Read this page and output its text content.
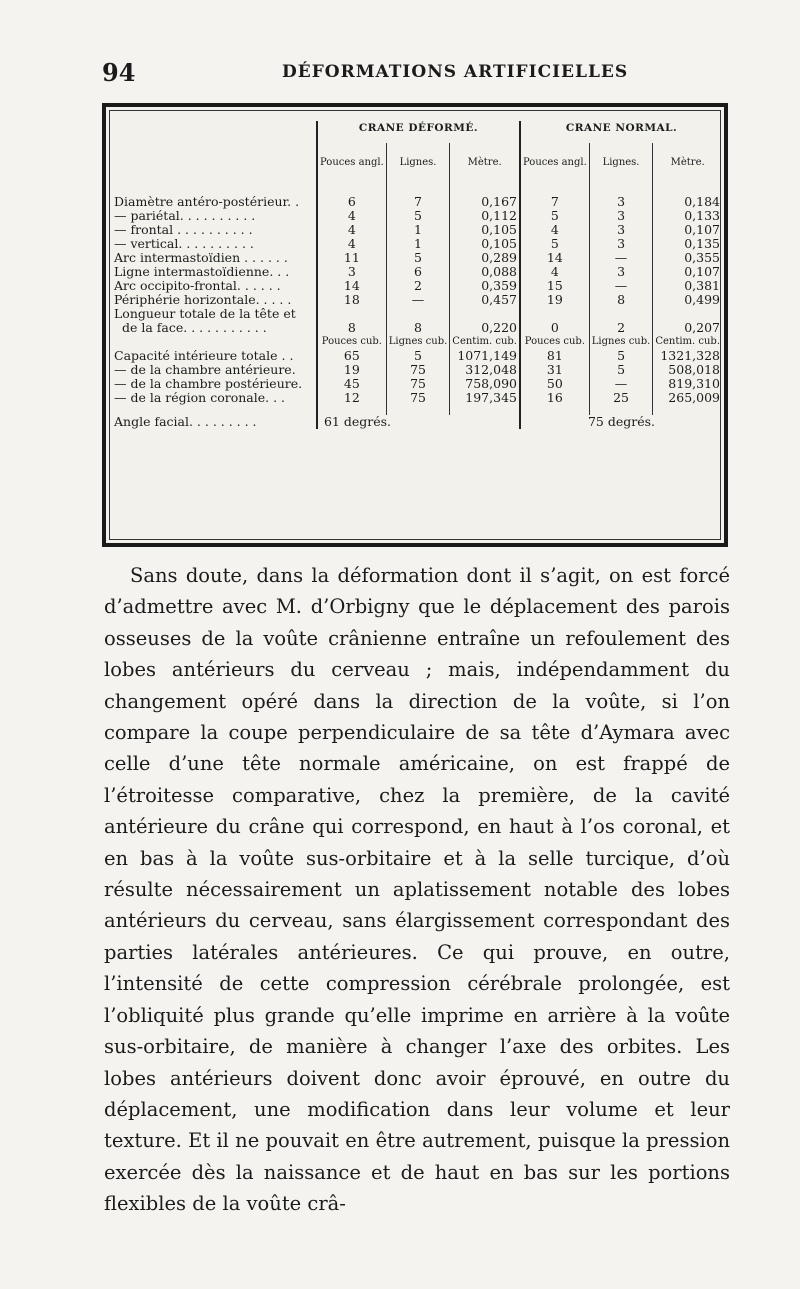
94	DÉFORMATIONS ARTIFICIELLES
	CRANE DÉFORMÉ.			CRANE NORMAL.		
	Pouces angl.	Lignes.	Mètre.	Pouces angl.	Lignes.	Mètre.

Diamètre antéro-postérieur. .	6	7	0,167	7	3	0,184
— pariétal. . . . . . . . . .	4	5	0,112	5	3	0,133
— frontal . . . . . . . . . .	4	1	0,105	4	3	0,107
— vertical. . . . . . . . . .	4	1	0,105	5	3	0,135
Arc intermastoïdien . . . . . .	11	5	0,289	14	—	0,355
Ligne intermastoïdienne. . .	3	6	0,088	4	3	0,107
Arc occipito-frontal. . . . . .	14	2	0,359	15	—	0,381
Périphérie horizontale. . . . .	18	—	0,457	19	8	0,499
Longueur totale de la tête et						
de la face. . . . . . . . . . .	8	8	0,220	0	2	0,207
	Pouces cub.	Lignes cub.	Centim. cub.	Pouces cub.	Lignes cub.	Centim. cub.
Capacité intérieure totale . .	65	5	1071,149	81	5	1321,328
— de la chambre antérieure.	19	75	312,048	31	5	508,018
— de la chambre postérieure.	45	75	758,090	50	—	819,310
— de la région coronale. . .	12	75	197,345	16	25	265,009

Angle facial. . . . . . . . .	61 degrés.			75 degrés.		

Sans doute, dans la déformation dont il s’agit, on est forcé d’admettre avec M. d’Orbigny que le déplacement des parois osseuses de la voûte crânienne entraîne un refoulement des lobes antérieurs du cerveau ; mais, indépendamment du changement opéré dans la direction de la voûte, si l’on compare la coupe perpendiculaire de sa tête d’Aymara avec celle d’une tête normale américaine, on est frappé de l’étroitesse comparative, chez la première, de la cavité antérieure du crâne qui correspond, en haut à l’os coronal, et en bas à la voûte sus-orbitaire et à la selle turcique, d’où résulte nécessairement un aplatissement notable des lobes antérieurs du cerveau, sans élargissement correspondant des parties latérales antérieures. Ce qui prouve, en outre, l’intensité de cette compression cérébrale prolongée, est l’obliquité plus grande qu’elle imprime en arrière à la voûte sus-orbitaire, de manière à changer l’axe des orbites. Les lobes antérieurs doivent donc avoir éprouvé, en outre du déplacement, une modification dans leur volume et leur texture. Et il ne pouvait en être autrement, puisque la pression exercée dès la naissance et de haut en bas sur les portions flexibles de la voûte crâ-
